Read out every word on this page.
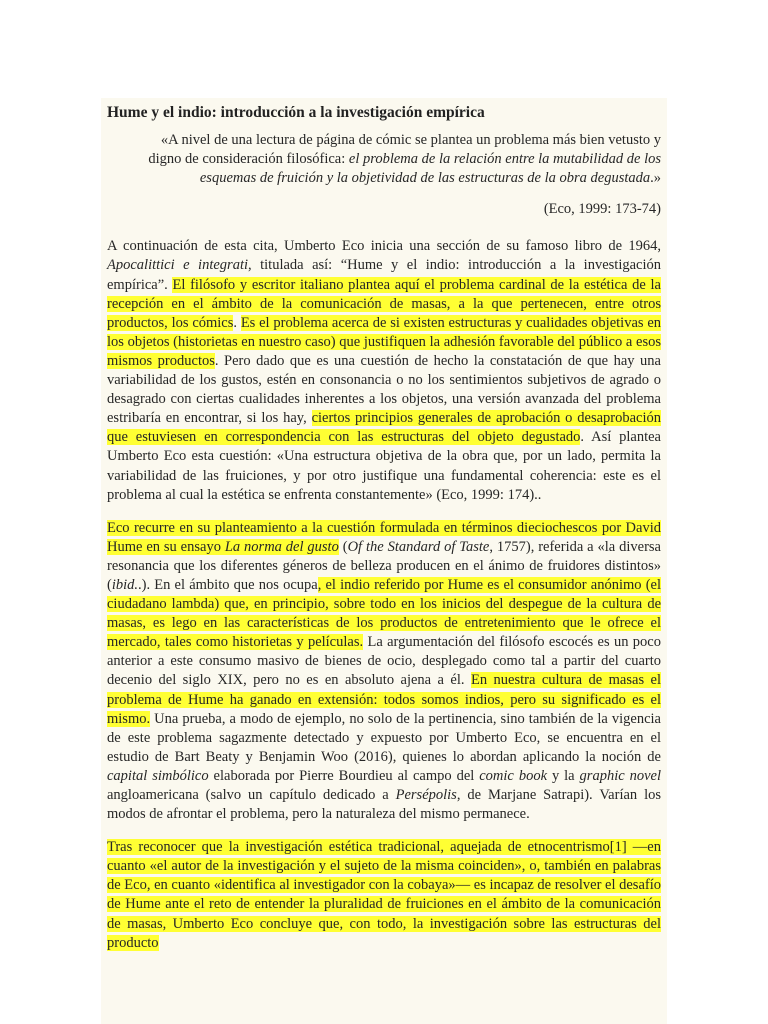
Hume y el indio: introducción a la investigación empírica
«A nivel de una lectura de página de cómic se plantea un problema más bien vetusto y digno de consideración filosófica: el problema de la relación entre la mutabilidad de los esquemas de fruición y la objetividad de las estructuras de la obra degustada.»
(Eco, 1999: 173-74)

A continuación de esta cita, Umberto Eco inicia una sección de su famoso libro de 1964, Apocalittici e integrati, titulada así: “Hume y el indio: introducción a la investigación empírica”. El filósofo y escritor italiano plantea aquí el problema cardinal de la estética de la recepción en el ámbito de la comunicación de masas, a la que pertenecen, entre otros productos, los cómics. Es el problema acerca de si existen estructuras y cualidades objetivas en los objetos (historietas en nuestro caso) que justifiquen la adhesión favorable del público a esos mismos productos. Pero dado que es una cuestión de hecho la constatación de que hay una variabilidad de los gustos, estén en consonancia o no los sentimientos subjetivos de agrado o desagrado con ciertas cualidades inherentes a los objetos, una versión avanzada del problema estribaría en encontrar, si los hay, ciertos principios generales de aprobación o desaprobación que estuviesen en correspondencia con las estructuras del objeto degustado. Así plantea Umberto Eco esta cuestión: «Una estructura objetiva de la obra que, por un lado, permita la variabilidad de las fruiciones, y por otro justifique una fundamental coherencia: este es el problema al cual la estética se enfrenta constantemente» (Eco, 1999: 174)..

Eco recurre en su planteamiento a la cuestión formulada en términos dieciochescos por David Hume en su ensayo La norma del gusto (Of the Standard of Taste, 1757), referida a «la diversa resonancia que los diferentes géneros de belleza producen en el ánimo de fruidores distintos» (ibid..). En el ámbito que nos ocupa, el indio referido por Hume es el consumidor anónimo (el ciudadano lambda) que, en principio, sobre todo en los inicios del despegue de la cultura de masas, es lego en las características de los productos de entretenimiento que le ofrece el mercado, tales como historietas y películas. La argumentación del filósofo escocés es un poco anterior a este consumo masivo de bienes de ocio, desplegado como tal a partir del cuarto decenio del siglo XIX, pero no es en absoluto ajena a él. En nuestra cultura de masas el problema de Hume ha ganado en extensión: todos somos indios, pero su significado es el mismo. Una prueba, a modo de ejemplo, no solo de la pertinencia, sino también de la vigencia de este problema sagazmente detectado y expuesto por Umberto Eco, se encuentra en el estudio de Bart Beaty y Benjamin Woo (2016), quienes lo abordan aplicando la noción de capital simbólico elaborada por Pierre Bourdieu al campo del comic book y la graphic novel angloamericana (salvo un capítulo dedicado a Persépolis, de Marjane Satrapi). Varían los modos de afrontar el problema, pero la naturaleza del mismo permanece.

Tras reconocer que la investigación estética tradicional, aquejada de etnocentrismo[1] —en cuanto «el autor de la investigación y el sujeto de la misma coinciden», o, también en palabras de Eco, en cuanto «identifica al investigador con la cobaya»— es incapaz de resolver el desafío de Hume ante el reto de entender la pluralidad de fruiciones en el ámbito de la comunicación de masas, Umberto Eco concluye que, con todo, la investigación sobre las estructuras del producto
